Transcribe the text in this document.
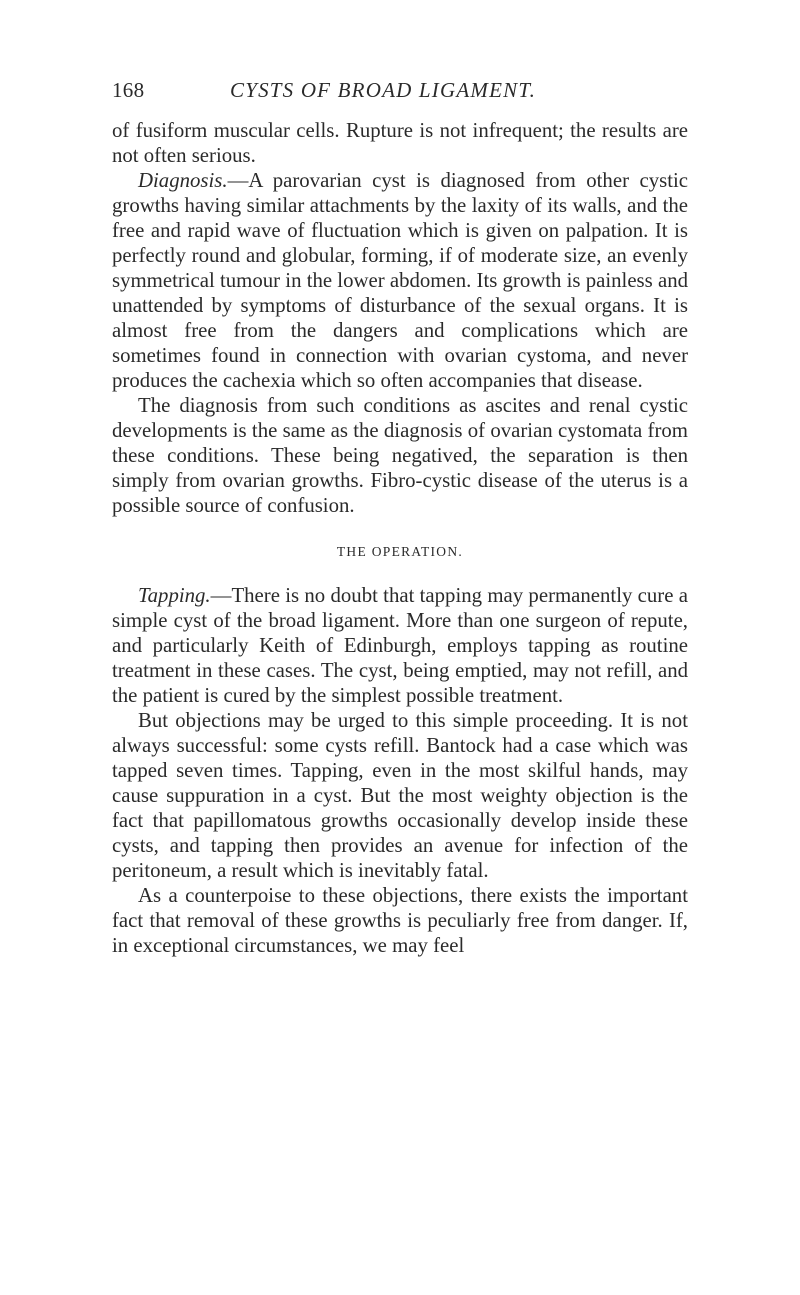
168	CYSTS OF BROAD LIGAMENT.

of fusiform muscular cells. Rupture is not infrequent; the results are not often serious.

Diagnosis.—A parovarian cyst is diagnosed from other cystic growths having similar attachments by the laxity of its walls, and the free and rapid wave of fluctuation which is given on palpation. It is perfectly round and globular, forming, if of moderate size, an evenly symmetrical tumour in the lower abdomen. Its growth is painless and unattended by symptoms of disturbance of the sexual organs. It is almost free from the dangers and complications which are sometimes found in connection with ovarian cystoma, and never produces the cachexia which so often accompanies that disease.

The diagnosis from such conditions as ascites and renal cystic developments is the same as the diagnosis of ovarian cystomata from these conditions. These being negatived, the separation is then simply from ovarian growths. Fibro-cystic disease of the uterus is a possible source of confusion.

THE OPERATION.

Tapping.—There is no doubt that tapping may permanently cure a simple cyst of the broad ligament. More than one surgeon of repute, and particularly Keith of Edinburgh, employs tapping as routine treatment in these cases. The cyst, being emptied, may not refill, and the patient is cured by the simplest possible treatment.

But objections may be urged to this simple proceeding. It is not always successful: some cysts refill. Bantock had a case which was tapped seven times. Tapping, even in the most skilful hands, may cause suppuration in a cyst. But the most weighty objection is the fact that papillomatous growths occasionally develop inside these cysts, and tapping then provides an avenue for infection of the peritoneum, a result which is inevitably fatal.

As a counterpoise to these objections, there exists the important fact that removal of these growths is peculiarly free from danger. If, in exceptional circumstances, we may feel
